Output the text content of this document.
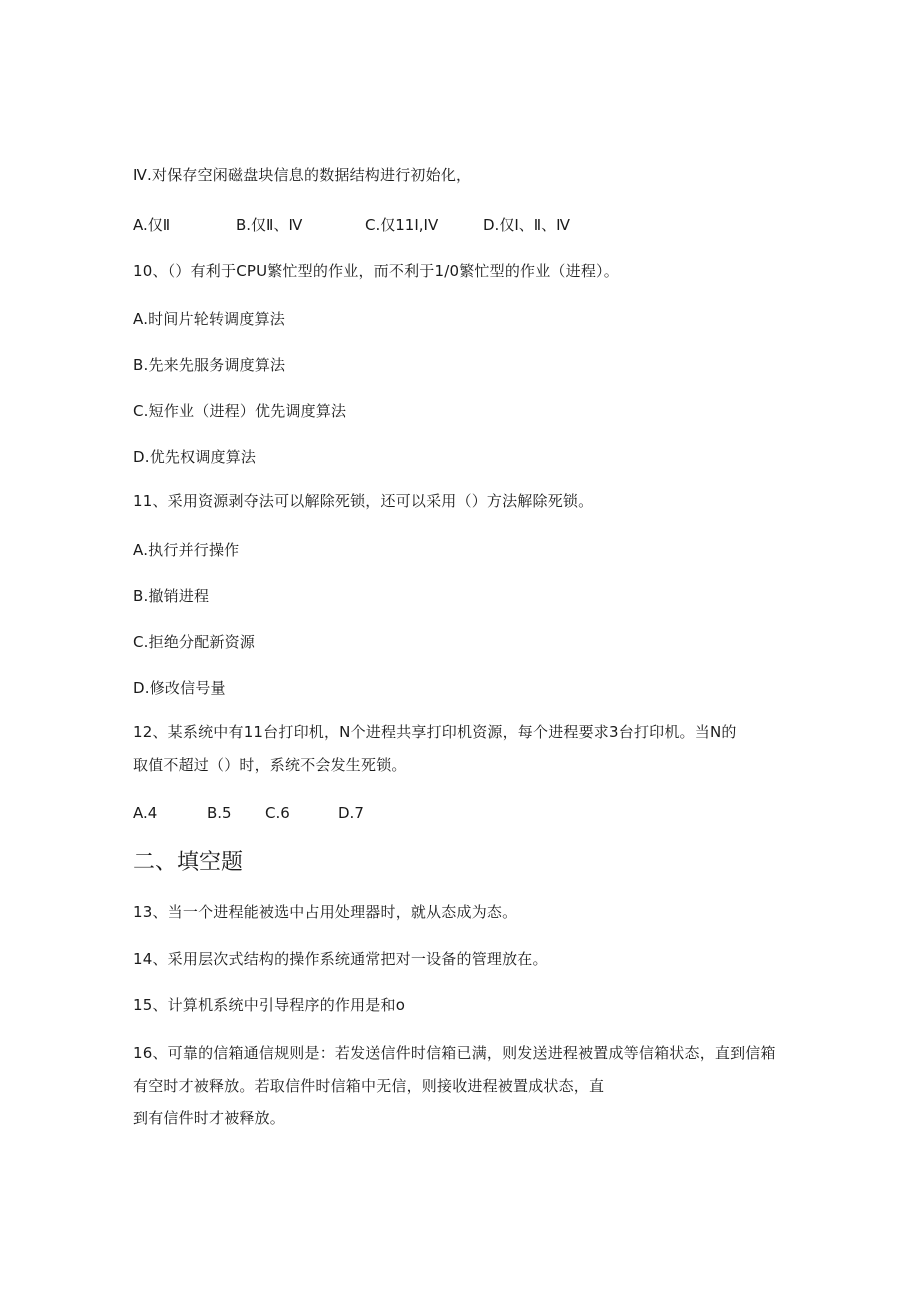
Ⅳ.对保存空闲磁盘块信息的数据结构进行初始化，
A.仅Ⅱ	B.仅Ⅱ、Ⅳ	C.仅11I,IV	D.仅Ⅰ、Ⅱ、Ⅳ
10、（）有利于CPU繁忙型的作业，而不利于1/0繁忙型的作业（进程）。
A.时间片轮转调度算法
B.先来先服务调度算法
C.短作业（进程）优先调度算法
D.优先权调度算法
11、采用资源剥夺法可以解除死锁，还可以采用（）方法解除死锁。
A.执行并行操作
B.撤销进程
C.拒绝分配新资源
D.修改信号量
12、某系统中有11台打印机，N个进程共享打印机资源，每个进程要求3台打印机。当N的
取值不超过（）时，系统不会发生死锁。
A.4	B.5 C.6	D.7
二、填空题
13、当一个进程能被选中占用处理器时，就从态成为态。
14、采用层次式结构的操作系统通常把对一设备的管理放在。
15、计算机系统中引导程序的作用是和o
16、可靠的信箱通信规则是：若发送信件时信箱已满，则发送进程被置成等信箱状态，直到信箱
有空时才被释放。若取信件时信箱中无信，则接收进程被置成状态，直
到有信件时才被释放。
